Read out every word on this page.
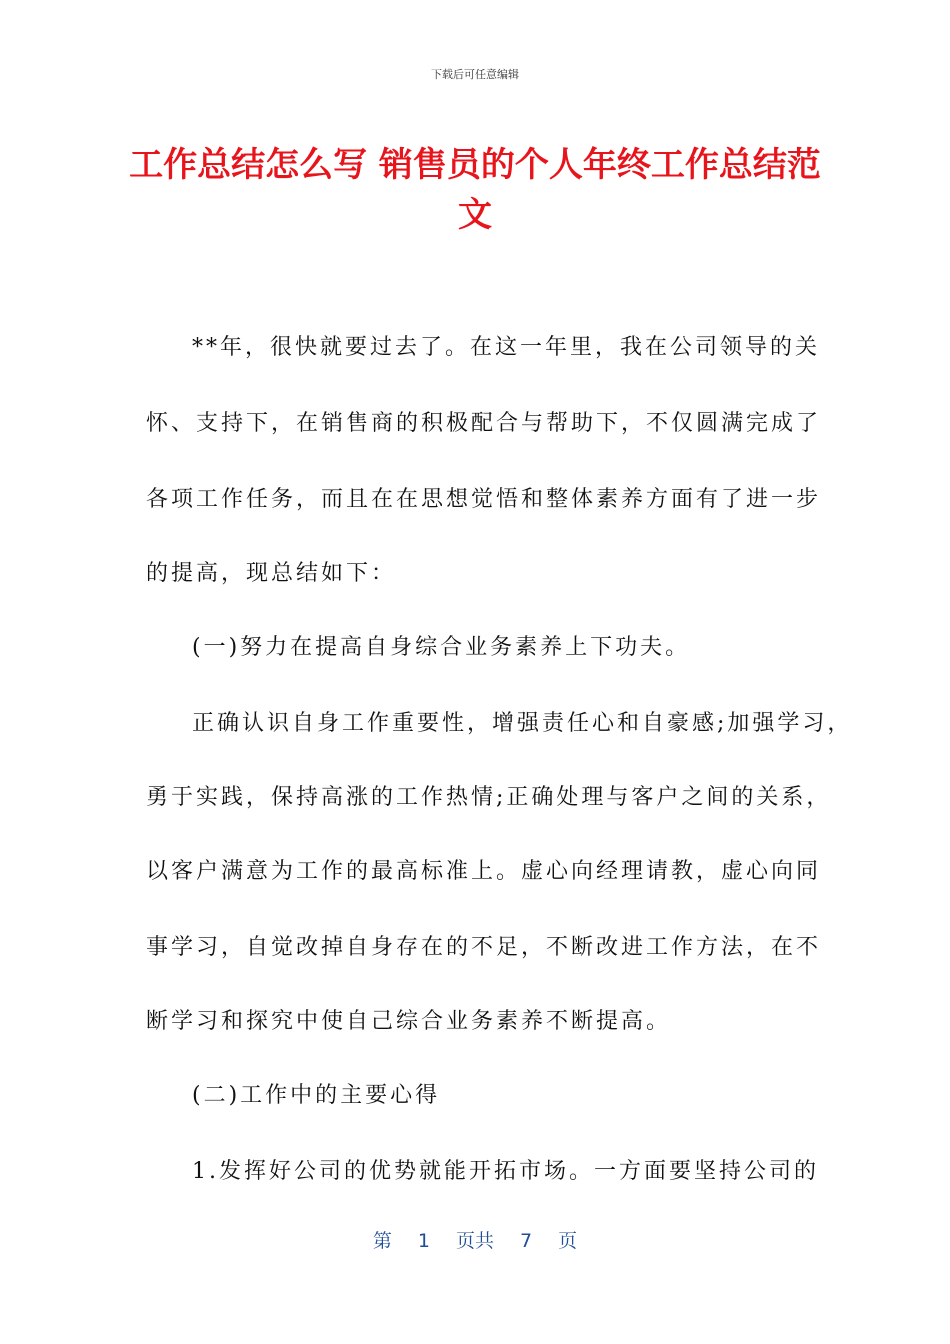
下载后可任意编辑
工作总结怎么写 销售员的个人年终工作总结范文
**年，很快就要过去了。在这一年里，我在公司领导的关
怀、支持下，在销售商的积极配合与帮助下，不仅圆满完成了
各项工作任务，而且在在思想觉悟和整体素养方面有了进一步
的提高，现总结如下：
(一)努力在提高自身综合业务素养上下功夫。
正确认识自身工作重要性，增强责任心和自豪感;加强学习，
勇于实践，保持高涨的工作热情;正确处理与客户之间的关系，
以客户满意为工作的最高标准上。虚心向经理请教，虚心向同
事学习，自觉改掉自身存在的不足，不断改进工作方法，在不
断学习和探究中使自己综合业务素养不断提高。
(二)工作中的主要心得
1.发挥好公司的优势就能开拓市场。一方面要坚持公司的
第 1 页共 7 页
